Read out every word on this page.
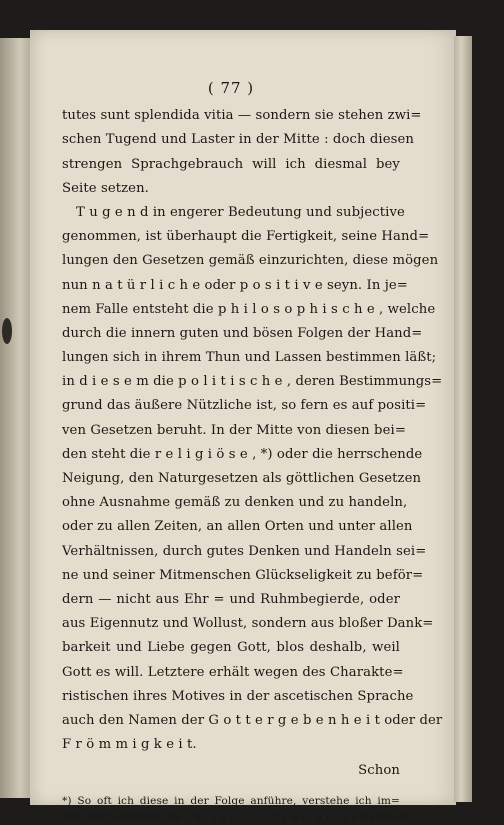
( 77 )
tutes sunt splendida vitia — sondern sie stehen zwi=
schen Tugend und Laster in der Mitte : doch diesen
strengen Sprachgebrauch will ich diesmal bey
Seite setzen.
T u g e n d in engerer Bedeutung und subjective
genommen, ist überhaupt die Fertigkeit, seine Hand=
lungen den Gesetzen gemäß einzurichten, diese mögen
nun n a t ü r l i c h e oder p o s i t i v e seyn. In je=
nem Falle entsteht die p h i l o s o p h i s c h e , welche
durch die innern guten und bösen Folgen der Hand=
lungen sich in ihrem Thun und Lassen bestimmen läßt;
in d i e s e m die p o l i t i s c h e , deren Bestimmungs=
grund das äußere Nützliche ist, so fern es auf positi=
ven Gesetzen beruht. In der Mitte von diesen bei=
den steht die r e l i g i ö s e , *) oder die herrschende
Neigung, den Naturgesetzen als göttlichen Gesetzen
ohne Ausnahme gemäß zu denken und zu handeln,
oder zu allen Zeiten, an allen Orten und unter allen
Verhältnissen, durch gutes Denken und Handeln sei=
ne und seiner Mitmenschen Glückseligkeit zu beför=
dern — nicht aus Ehr = und Ruhmbegierde, oder
aus Eigennutz und Wollust, sondern aus bloßer Dank=
barkeit und Liebe gegen Gott, blos deshalb, weil
Gott es will. Letztere erhält wegen des Charakte=
ristischen ihres Motives in der ascetischen Sprache
auch den Namen der G o t t e r g e b e n h e i t oder der
F r ö m m i g k e i t.
Schon
*) So oft ich diese in der Folge anführe, verstehe ich im=
mer vorzugsweise die c h r i s t l i c h = r e l i g i ö s e darunter.
